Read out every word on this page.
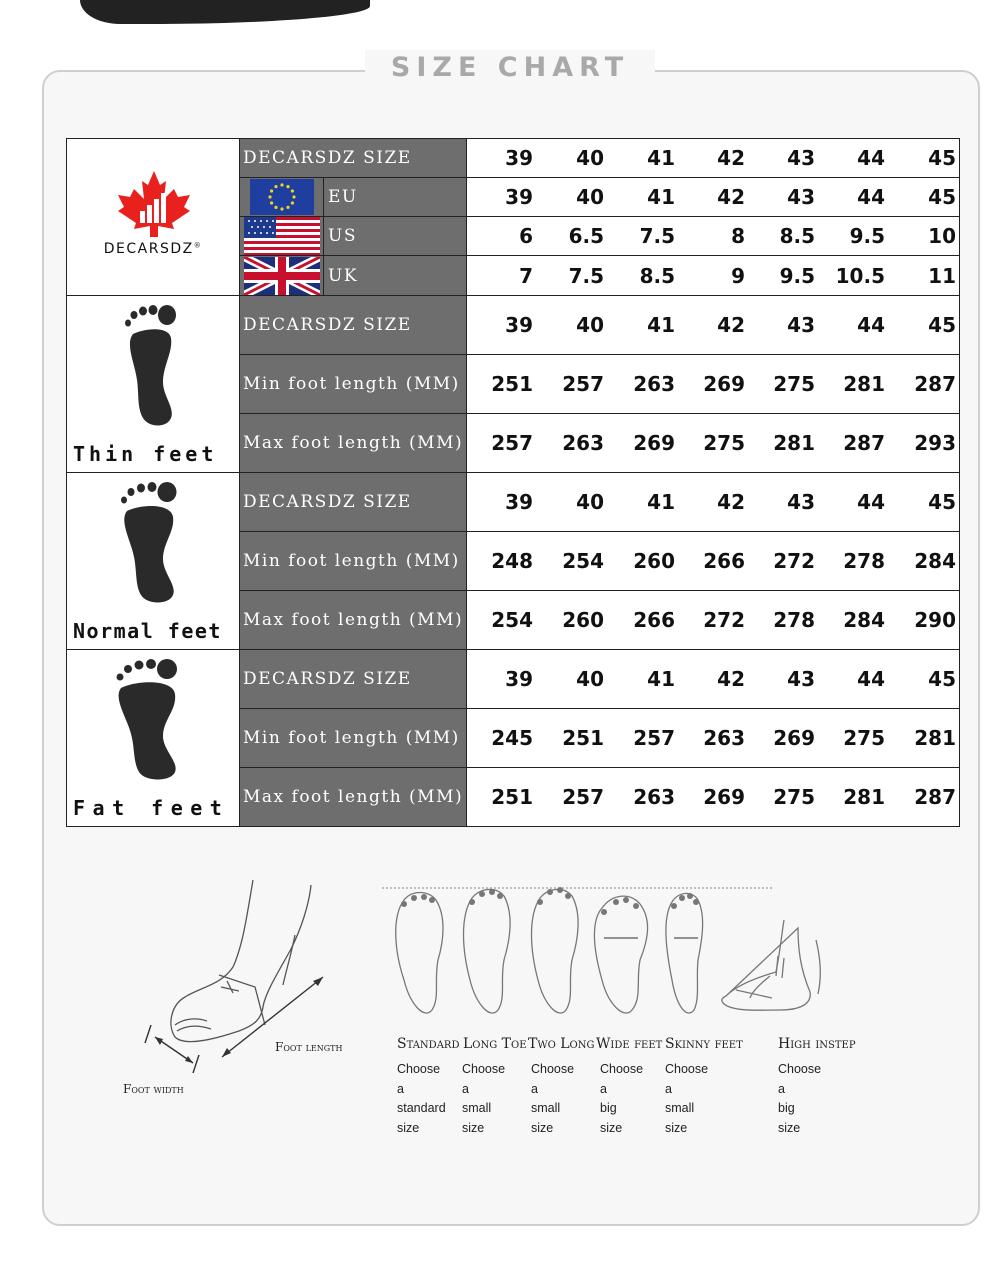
SIZE CHART
DECARSDZ®
DECARSDZ SIZE	39	40	41	42	43	44	45
EU	39	40	41	42	43	44	45
US	6	6.5	7.5	8	8.5	9.5	10
UK	7	7.5	8.5	9	9.5	10.5	11
Thin feet
DECARSDZ SIZE	39	40	41	42	43	44	45
Min foot length (MM)	251	257	263	269	275	281	287
Max foot length (MM)	257	263	269	275	281	287	293
Normal feet
DECARSDZ SIZE	39	40	41	42	43	44	45
Min foot length (MM)	248	254	260	266	272	278	284
Max foot length (MM)	254	260	266	272	278	284	290
Fat feet
DECARSDZ SIZE	39	40	41	42	43	44	45
Min foot length (MM)	245	251	257	263	269	275	281
Max foot length (MM)	251	257	263	269	275	281	287
Foot length
Foot width
Standard Long Toe Two Long Wide feet Skinny feet	High instep
Choose
a
standard
size
Choose
a
small
size
Choose
a
small
size
Choose
a
big
size
Choose
a
small
size
Choose
a
big
size
